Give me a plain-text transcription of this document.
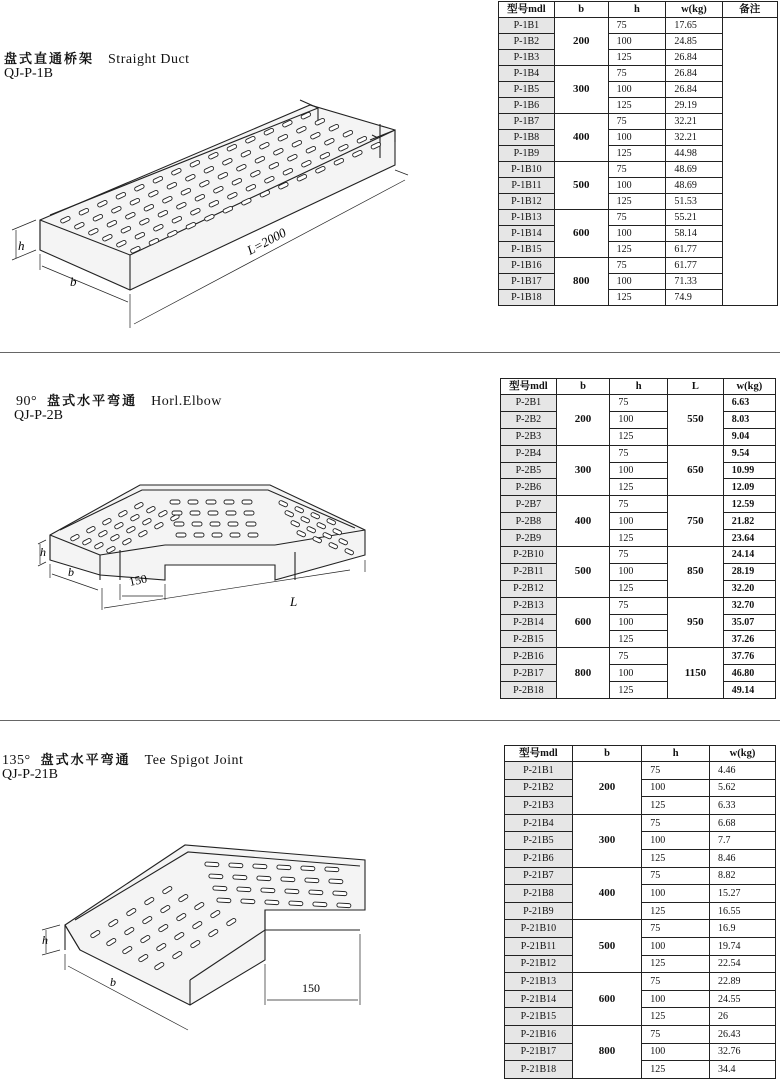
盘式直通桥架 Straight Duct
QJ-P-1B
h
b
L=2000
型号mdl	b	h	w(kg)	备注
P-1B1	200	75	17.65	
P-1B2		100	24.85	
P-1B3		125	26.84	
P-1B4	300	75	26.84	
P-1B5		100	26.84	
P-1B6		125	29.19	
P-1B7	400	75	32.21	
P-1B8		100	32.21	
P-1B9		125	44.98	
P-1B10	500	75	48.69	
P-1B11		100	48.69	
P-1B12		125	51.53	
P-1B13	600	75	55.21	
P-1B14		100	58.14	
P-1B15		125	61.77	
P-1B16	800	75	61.77	
P-1B17		100	71.33	
P-1B18		125	74.9	
90° 盘式水平弯通 Horl.Elbow
QJ-P-2B
h
b	150
L
型号mdl	b	h	L	w(kg)
P-2B1	200	75	550	6.63
P-2B2		100		8.03
P-2B3		125		9.04
P-2B4	300	75	650	9.54
P-2B5		100		10.99
P-2B6		125		12.09
P-2B7	400	75	750	12.59
P-2B8		100		21.82
P-2B9		125		23.64
P-2B10	500	75	850	24.14
P-2B11		100		28.19
P-2B12		125		32.20
P-2B13	600	75	950	32.70
P-2B14		100		35.07
P-2B15		125		37.26
P-2B16	800	75	1150	37.76
P-2B17		100		46.80
P-2B18		125		49.14
135° 盘式水平弯通 Tee Spigot Joint
QJ-P-21B
h
b	150
型号mdl	b	h	w(kg)
P-21B1	200	75	4.46
P-21B2		100	5.62
P-21B3		125	6.33
P-21B4	300	75	6.68
P-21B5		100	7.7
P-21B6		125	8.46
P-21B7	400	75	8.82
P-21B8		100	15.27
P-21B9		125	16.55
P-21B10	500	75	16.9
P-21B11		100	19.74
P-21B12		125	22.54
P-21B13	600	75	22.89
P-21B14		100	24.55
P-21B15		125	26
P-21B16	800	75	26.43
P-21B17		100	32.76
P-21B18		125	34.4
